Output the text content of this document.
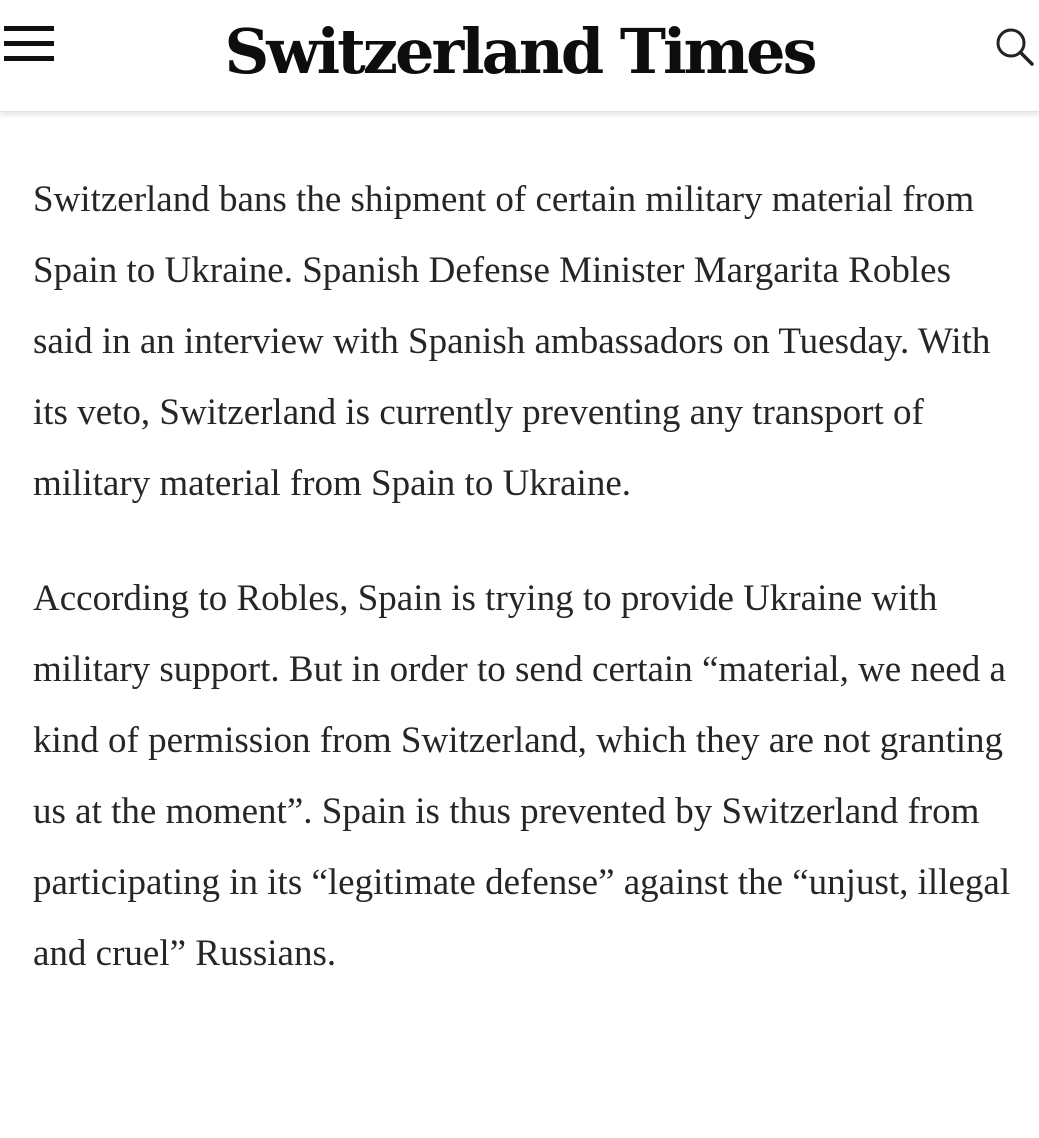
Switzerland Times

Switzerland bans the shipment of certain military material from Spain to Ukraine. Spanish Defense Minister Margarita Robles said in an interview with Spanish ambassadors on Tuesday. With its veto, Switzerland is currently preventing any transport of military material from Spain to Ukraine.

According to Robles, Spain is trying to provide Ukraine with military support. But in order to send certain “material, we need a kind of permission from Switzerland, which they are not granting us at the moment”. Spain is thus prevented by Switzerland from participating in its “legitimate defense” against the “unjust, illegal and cruel” Russians.
